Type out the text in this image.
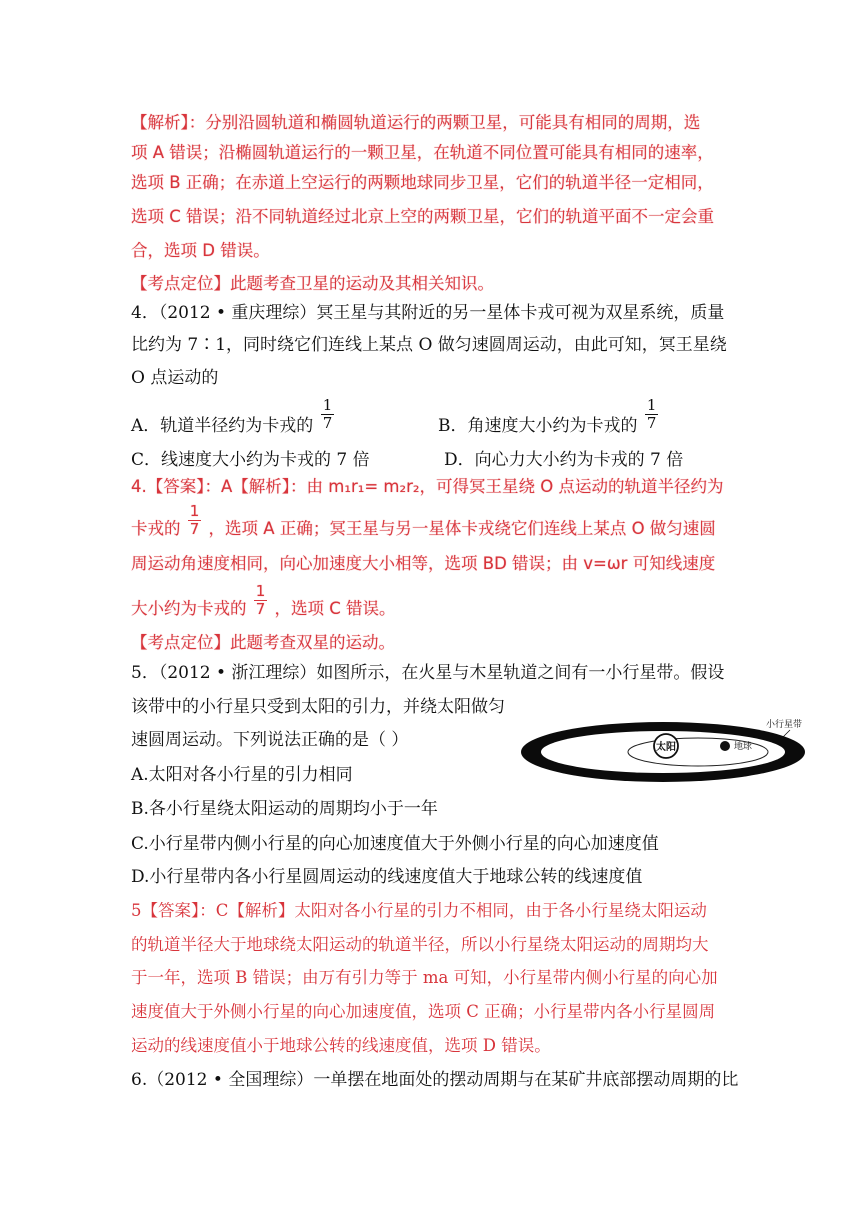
【解析】：分别沿圆轨道和椭圆轨道运行的两颗卫星，可能具有相同的周期，选
项 A 错误；沿椭圆轨道运行的一颗卫星，在轨道不同位置可能具有相同的速率，
选项 B 正确；在赤道上空运行的两颗地球同步卫星，它们的轨道半径一定相同，
选项 C 错误；沿不同轨道经过北京上空的两颗卫星，它们的轨道平面不一定会重
合，选项 D 错误。
【考点定位】此题考查卫星的运动及其相关知识。
4．（2012 • 重庆理综）冥王星与其附近的另一星体卡戎可视为双星系统，质量
比约为 7∶1，同时绕它们连线上某点 O 做匀速圆周运动，由此可知，冥王星绕
O 点运动的
A．轨道半径约为卡戎的 $\frac{1}{7}$	B．角速度大小约为卡戎的 $\frac{1}{7}$
C．线速度大小约为卡戎的 7 倍	D．向心力大小约为卡戎的 7 倍
4.【答案】：A【解析】：由 m₁r₁= m₂r₂，可得冥王星绕 O 点运动的轨道半径约为
卡戎的 $\frac{1}{7}$ ，选项 A 正确；冥王星与另一星体卡戎绕它们连线上某点 O 做匀速圆
周运动角速度相同，向心加速度大小相等，选项 BD 错误；由 v=ωr 可知线速度
大小约为卡戎的 $\frac{1}{7}$ ，选项 C 错误。
【考点定位】此题考查双星的运动。
5．（2012 • 浙江理综）如图所示，在火星与木星轨道之间有一小行星带。假设
该带中的小行星只受到太阳的引力，并绕太阳做匀
速圆周运动。下列说法正确的是（ ）	太阳	地球
小行星带
A.太阳对各小行星的引力相同
B.各小行星绕太阳运动的周期均小于一年
C.小行星带内侧小行星的向心加速度值大于外侧小行星的向心加速度值
D.小行星带内各小行星圆周运动的线速度值大于地球公转的线速度值
5【答案】：C【解析】太阳对各小行星的引力不相同，由于各小行星绕太阳运动
的轨道半径大于地球绕太阳运动的轨道半径，所以小行星绕太阳运动的周期均大
于一年，选项 B 错误；由万有引力等于 ma 可知，小行星带内侧小行星的向心加
速度值大于外侧小行星的向心加速度值，选项 C 正确；小行星带内各小行星圆周
运动的线速度值小于地球公转的线速度值，选项 D 错误。
6.（2012 • 全国理综）一单摆在地面处的摆动周期与在某矿井底部摆动周期的比
